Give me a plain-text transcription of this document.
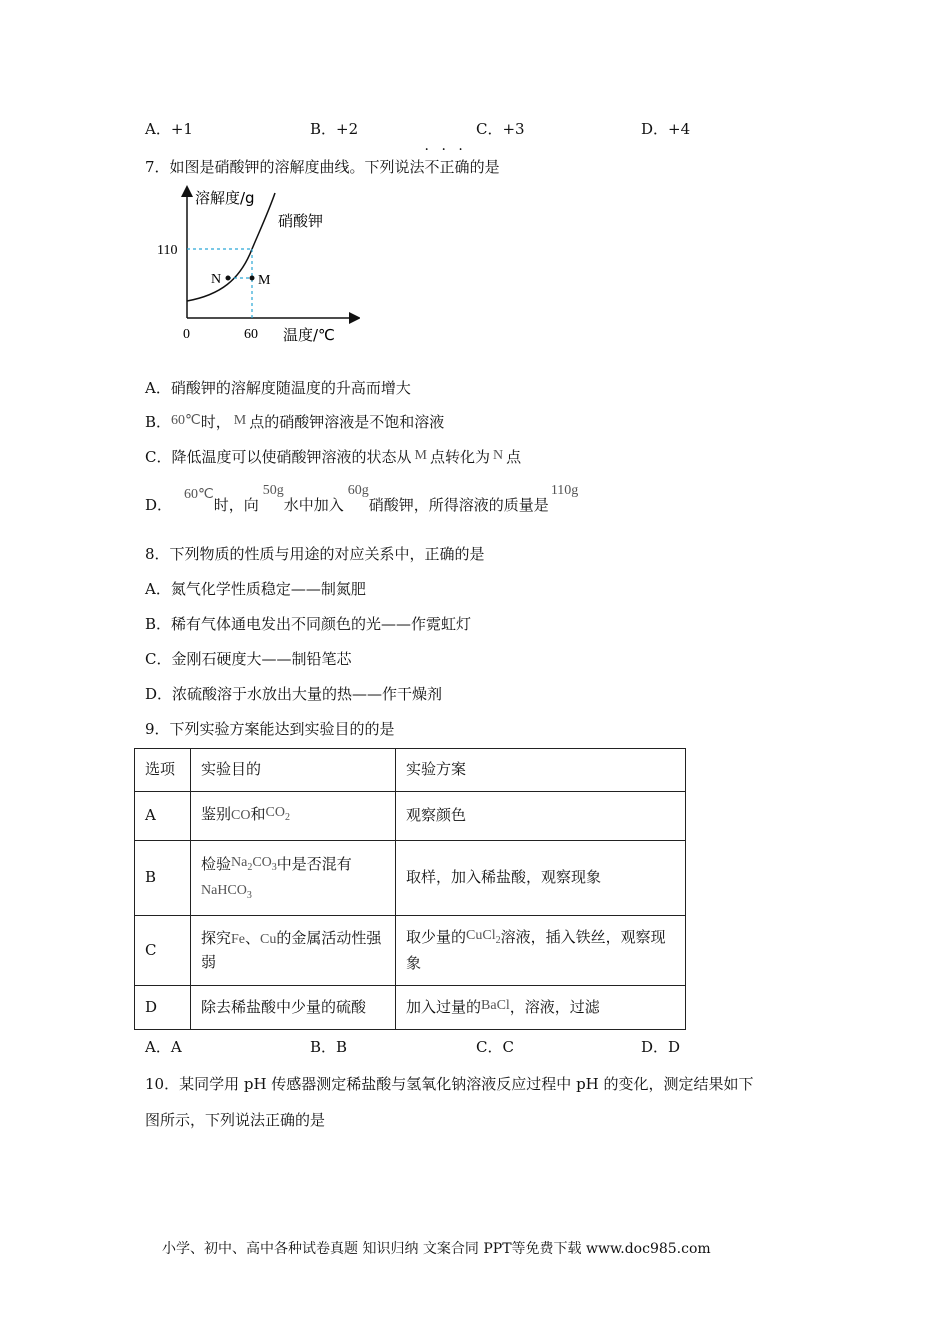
A．+1	B．+2	C．+3	D．+4
7．如图是硝酸钾的溶解度曲线。下列说法
· · ·
不正确的是
溶解度/g
硝酸钾
110
N	M
0	60 温度/℃
A．硝酸钾的溶解度随温度的升高而增大
B．60℃时， M 点的硝酸钾溶液是不饱和溶液
C．降低温度可以使硝酸钾溶液的状态从 M 点转化为 N 点
D．60℃时，向50g水中加入60g硝酸钾，所得溶液的质量是110g
8．下列物质的性质与用途的对应关系中，正确的是
A．氮气化学性质稳定——制氮肥
B．稀有气体通电发出不同颜色的光——作霓虹灯
C．金刚石硬度大——制铅笔芯
D．浓硫酸溶于水放出大量的热——作干燥剂
9．下列实验方案能达到实验目的的是
选项	实验目的	实验方案
A	鉴别CO和$CO_2$	观察颜色
B	检验$Na_2CO_3$中是否混有
NaHCO$_3$	取样，加入稀盐酸，观察现象
C	探究Fe、Cu的金属活动性强弱	取少量的CuCl$_2$溶液，插入铁丝，观察现象
D	除去稀盐酸中少量的硫酸	加入过量的BaCl，溶液，过滤
A．A	B．B	C．C	D．D
10．某同学用 pH 传感器测定稀盐酸与氢氧化钠溶液反应过程中 pH 的变化，测定结果如下
图所示，下列说法正确的是
小学、初中、高中各种试卷真题 知识归纳 文案合同 PPT等免费下载 www.doc985.com
